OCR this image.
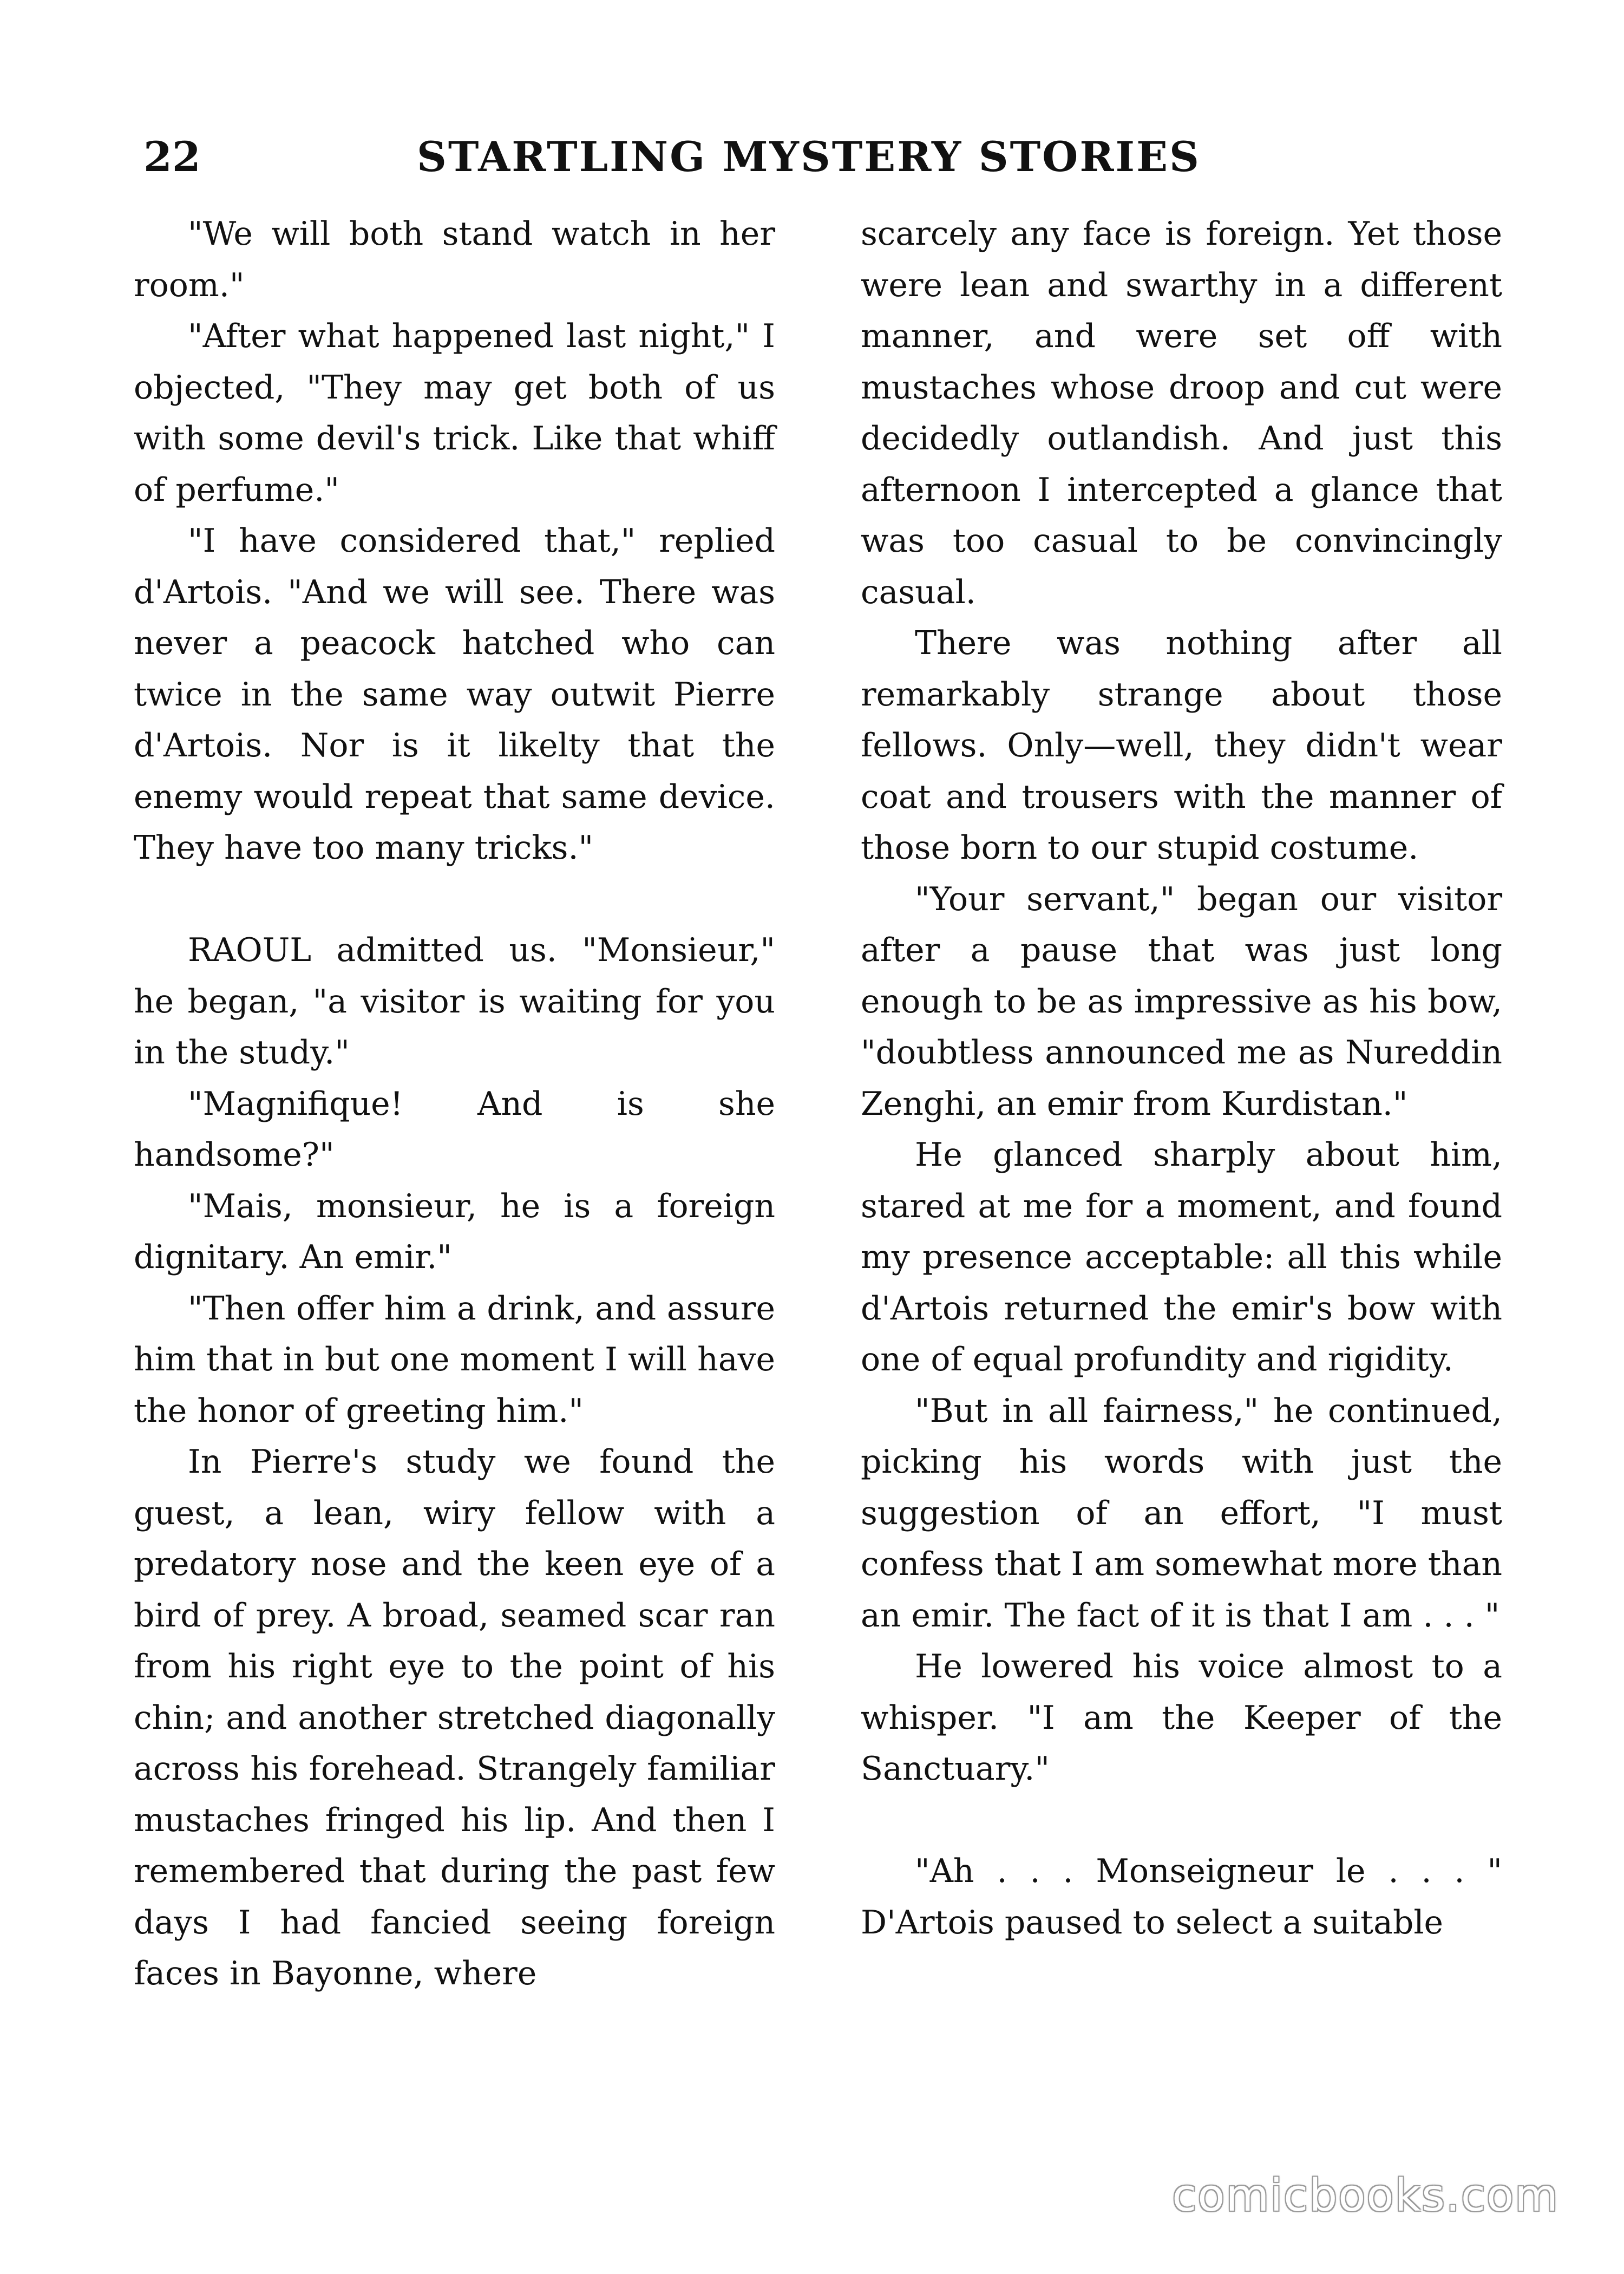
22	STARTLING MYSTERY STORIES

"We will both stand watch in her room."

"After what happened last night," I objected, "They may get both of us with some devil's trick. Like that whiff of perfume."

"I have considered that," replied d'Artois. "And we will see. There was never a peacock hatched who can twice in the same way outwit Pierre d'Artois. Nor is it likelty that the enemy would repeat that same device. They have too many tricks."

RAOUL admitted us. "Monsieur," he began, "a visitor is waiting for you in the study."

"Magnifique! And is she handsome?"

"Mais, monsieur, he is a foreign dignitary. An emir."

"Then offer him a drink, and assure him that in but one moment I will have the honor of greeting him."

In Pierre's study we found the guest, a lean, wiry fellow with a predatory nose and the keen eye of a bird of prey. A broad, seamed scar ran from his right eye to the point of his chin; and another stretched diagonally across his forehead. Strangely familiar mustaches fringed his lip. And then I remembered that during the past few days I had fancied seeing foreign faces in Bayonne, where

scarcely any face is foreign. Yet those were lean and swarthy in a different manner, and were set off with mustaches whose droop and cut were decidedly outlandish. And just this afternoon I intercepted a glance that was too casual to be convincingly casual.

There was nothing after all remarkably strange about those fellows. Only—well, they didn't wear coat and trousers with the manner of those born to our stupid costume.

"Your servant," began our visitor after a pause that was just long enough to be as impressive as his bow, "doubtless announced me as Nureddin Zenghi, an emir from Kurdistan."

He glanced sharply about him, stared at me for a moment, and found my presence acceptable: all this while d'Artois returned the emir's bow with one of equal profundity and rigidity.

"But in all fairness," he continued, picking his words with just the suggestion of an effort, "I must confess that I am somewhat more than an emir. The fact of it is that I am . . . "

He lowered his voice almost to a whisper. "I am the Keeper of the Sanctuary."

"Ah . . . Monseigneur le . . . " D'Artois paused to select a suitable

comicbooks.com
